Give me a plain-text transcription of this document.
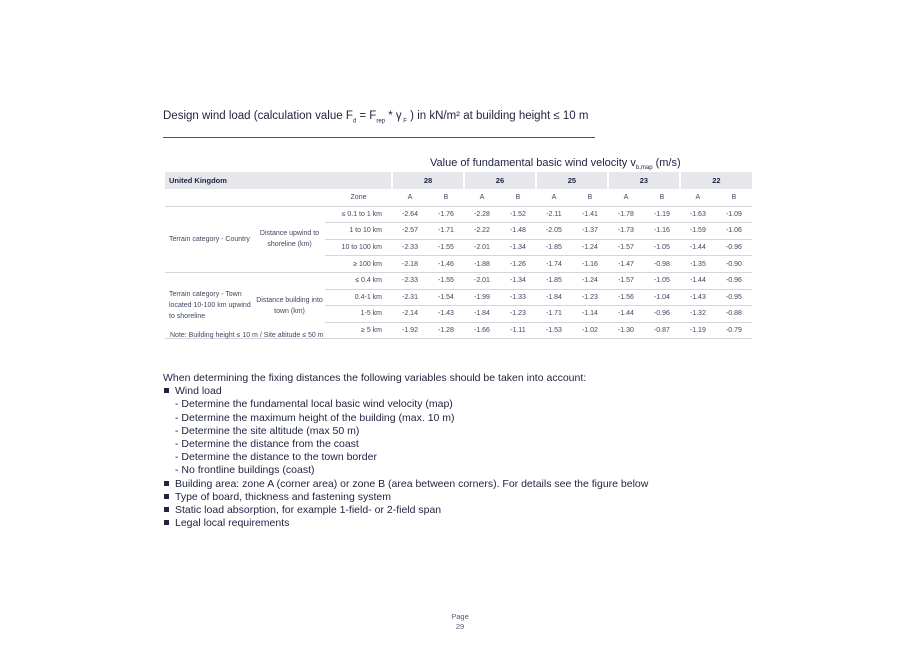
Design wind load (calculation value $F_d = F_{rep} * \gamma$ $_F$ ) in kN/m² at building height ≤ 10 m
Value of fundamental basic wind velocity $v_{b,map}$ (m/s)
United Kingdom			28		26		25		23		22	
		Zone	A	B	A	B	A	B	A	B	A	B
Terrain category - Country	Distance upwind to shoreline (km)	≤ 0.1 to 1 km	-2.64	-1.76	-2.28	-1.52	-2.11	-1.41	-1.78	-1.19	-1.63	-1.09
		1 to 10 km	-2.57	-1.71	-2.22	-1.48	-2.05	-1.37	-1.73	-1.16	-1.59	-1.06
		10 to 100 km	-2.33	-1.55	-2.01	-1.34	-1.85	-1.24	-1.57	-1.05	-1.44	-0.96
		≥ 100 km	-2.18	-1.46	-1.88	-1.26	-1.74	-1.16	-1.47	-0.98	-1.35	-0.90
Terrain category - Town located 10-100 km upwind to shoreline	Distance building into town (km)	≤ 0.4 km	-2.33	-1.55	-2.01	-1.34	-1.85	-1.24	-1.57	-1.05	-1.44	-0.96
		0.4-1 km	-2.31	-1.54	-1.99	-1.33	-1.84	-1.23	-1.56	-1.04	-1.43	-0.95
		1-5 km	-2.14	-1.43	-1.84	-1.23	-1.71	-1.14	-1.44	-0.96	-1.32	-0.88
		≥ 5 km	-1.92	-1.28	-1.66	-1.11	-1.53	-1.02	-1.30	-0.87	-1.19	-0.79
Note: Building height ≤ 10 m / Site altitude ≤ 50 m
When determining the fixing distances the following variables should be taken into account:
Wind load
- Determine the fundamental local basic wind velocity (map)
- Determine the maximum height of the building (max. 10 m)
- Determine the site altitude (max 50 m)
- Determine the distance from the coast
- Determine the distance to the town border
- No frontline buildings (coast)
Building area: zone A (corner area) or zone B (area between corners). For details see the figure below
Type of board, thickness and fastening system
Static load absorption, for example 1-field- or 2-field span
Legal local requirements
Page
29
